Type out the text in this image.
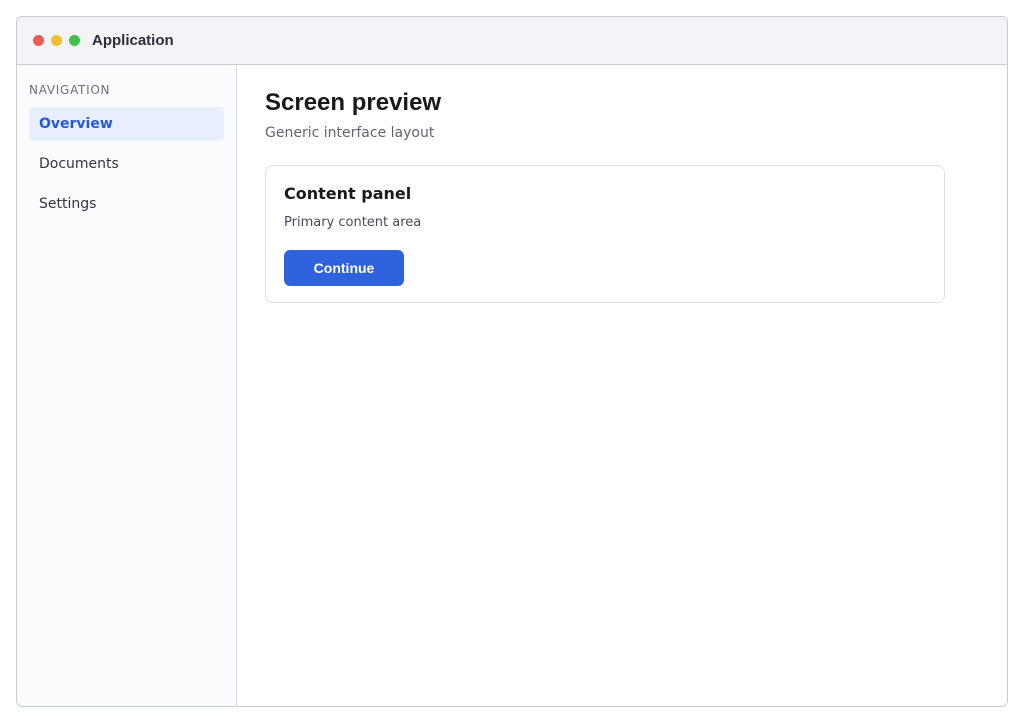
Application
NAVIGATION
Overview
Documents
Settings
Screen preview

Generic interface layout

Content panel

Primary content area

Continue
